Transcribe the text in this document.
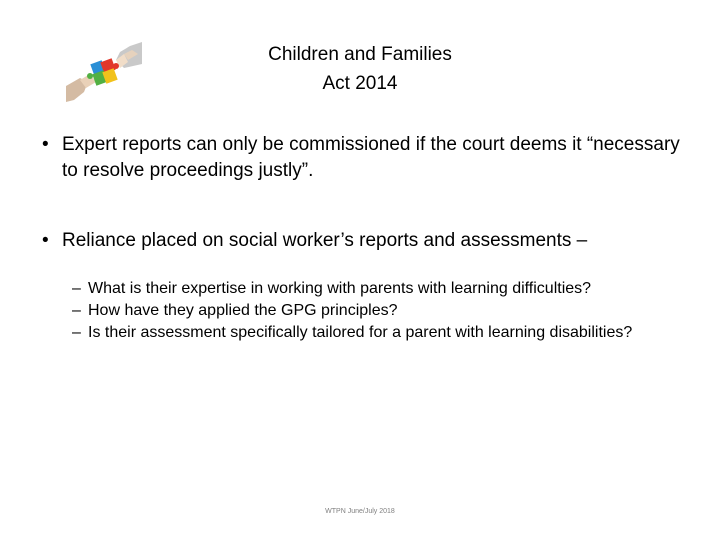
Children and Families
Act 2014
• Expert reports can only be commissioned if the court deems it “necessary to resolve proceedings justly”.
• Reliance placed on social worker’s reports and assessments –
– What is their expertise in working with parents with learning difficulties?
– How have they applied the GPG principles?
– Is their assessment specifically tailored for a parent with learning disabilities?
WTPN June/July 2018
